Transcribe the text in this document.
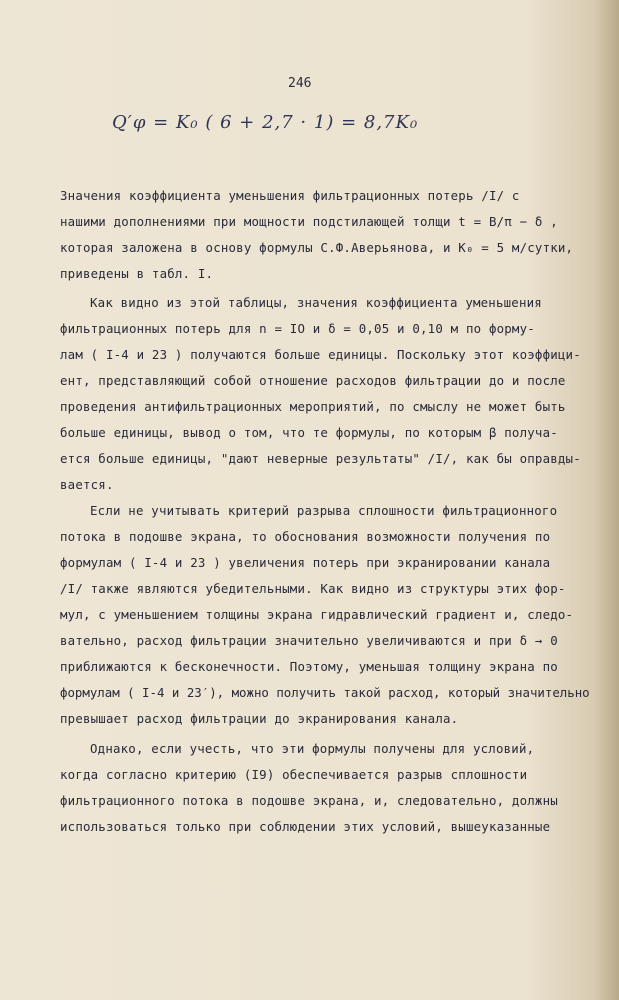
246
Q′φ = K₀ ( 6 + 2,7 · 1) = 8,7K₀
Значения коэффициента уменьшения фильтрационных потерь /I/ с
нашими дополнениями при мощности подстилающей толщи t = B/π − δ ,
которая заложена в основу формулы С.Ф.Аверьянова, и К₀ = 5 м/сутки,
приведены в табл. I.
Как видно из этой таблицы, значения коэффициента уменьшения
фильтрационных потерь для n = IO и δ = 0,05 и 0,10 м по форму-
лам ( I-4 и 23 ) получаются больше единицы. Поскольку этот коэффици-
ент, представляющий собой отношение расходов фильтрации до и после
проведения антифильтрационных мероприятий, по смыслу не может быть
больше единицы, вывод о том, что те формулы, по которым β получа-
ется больше единицы, "дают неверные результаты" /I/, как бы оправды-
вается.
Если не учитывать критерий разрыва сплошности фильтрационного
потока в подошве экрана, то обоснования возможности получения по
формулам ( I-4 и 23 ) увеличения потерь при экранировании канала
/I/ также являются убедительными. Как видно из структуры этих фор-
мул, с уменьшением толщины экрана гидравлический градиент и, следо-
вательно, расход фильтрации значительно увеличиваются и при δ → 0
приближаются к бесконечности. Поэтому, уменьшая толщину экрана по
формулам ( I-4 и 23′), можно получить такой расход, который значительно
превышает расход фильтрации до экранирования канала.
Однако, если учесть, что эти формулы получены для условий,
когда согласно критерию (I9) обеспечивается разрыв сплошности
фильтрационного потока в подошве экрана, и, следовательно, должны
использоваться только при соблюдении этих условий, вышеуказанные
